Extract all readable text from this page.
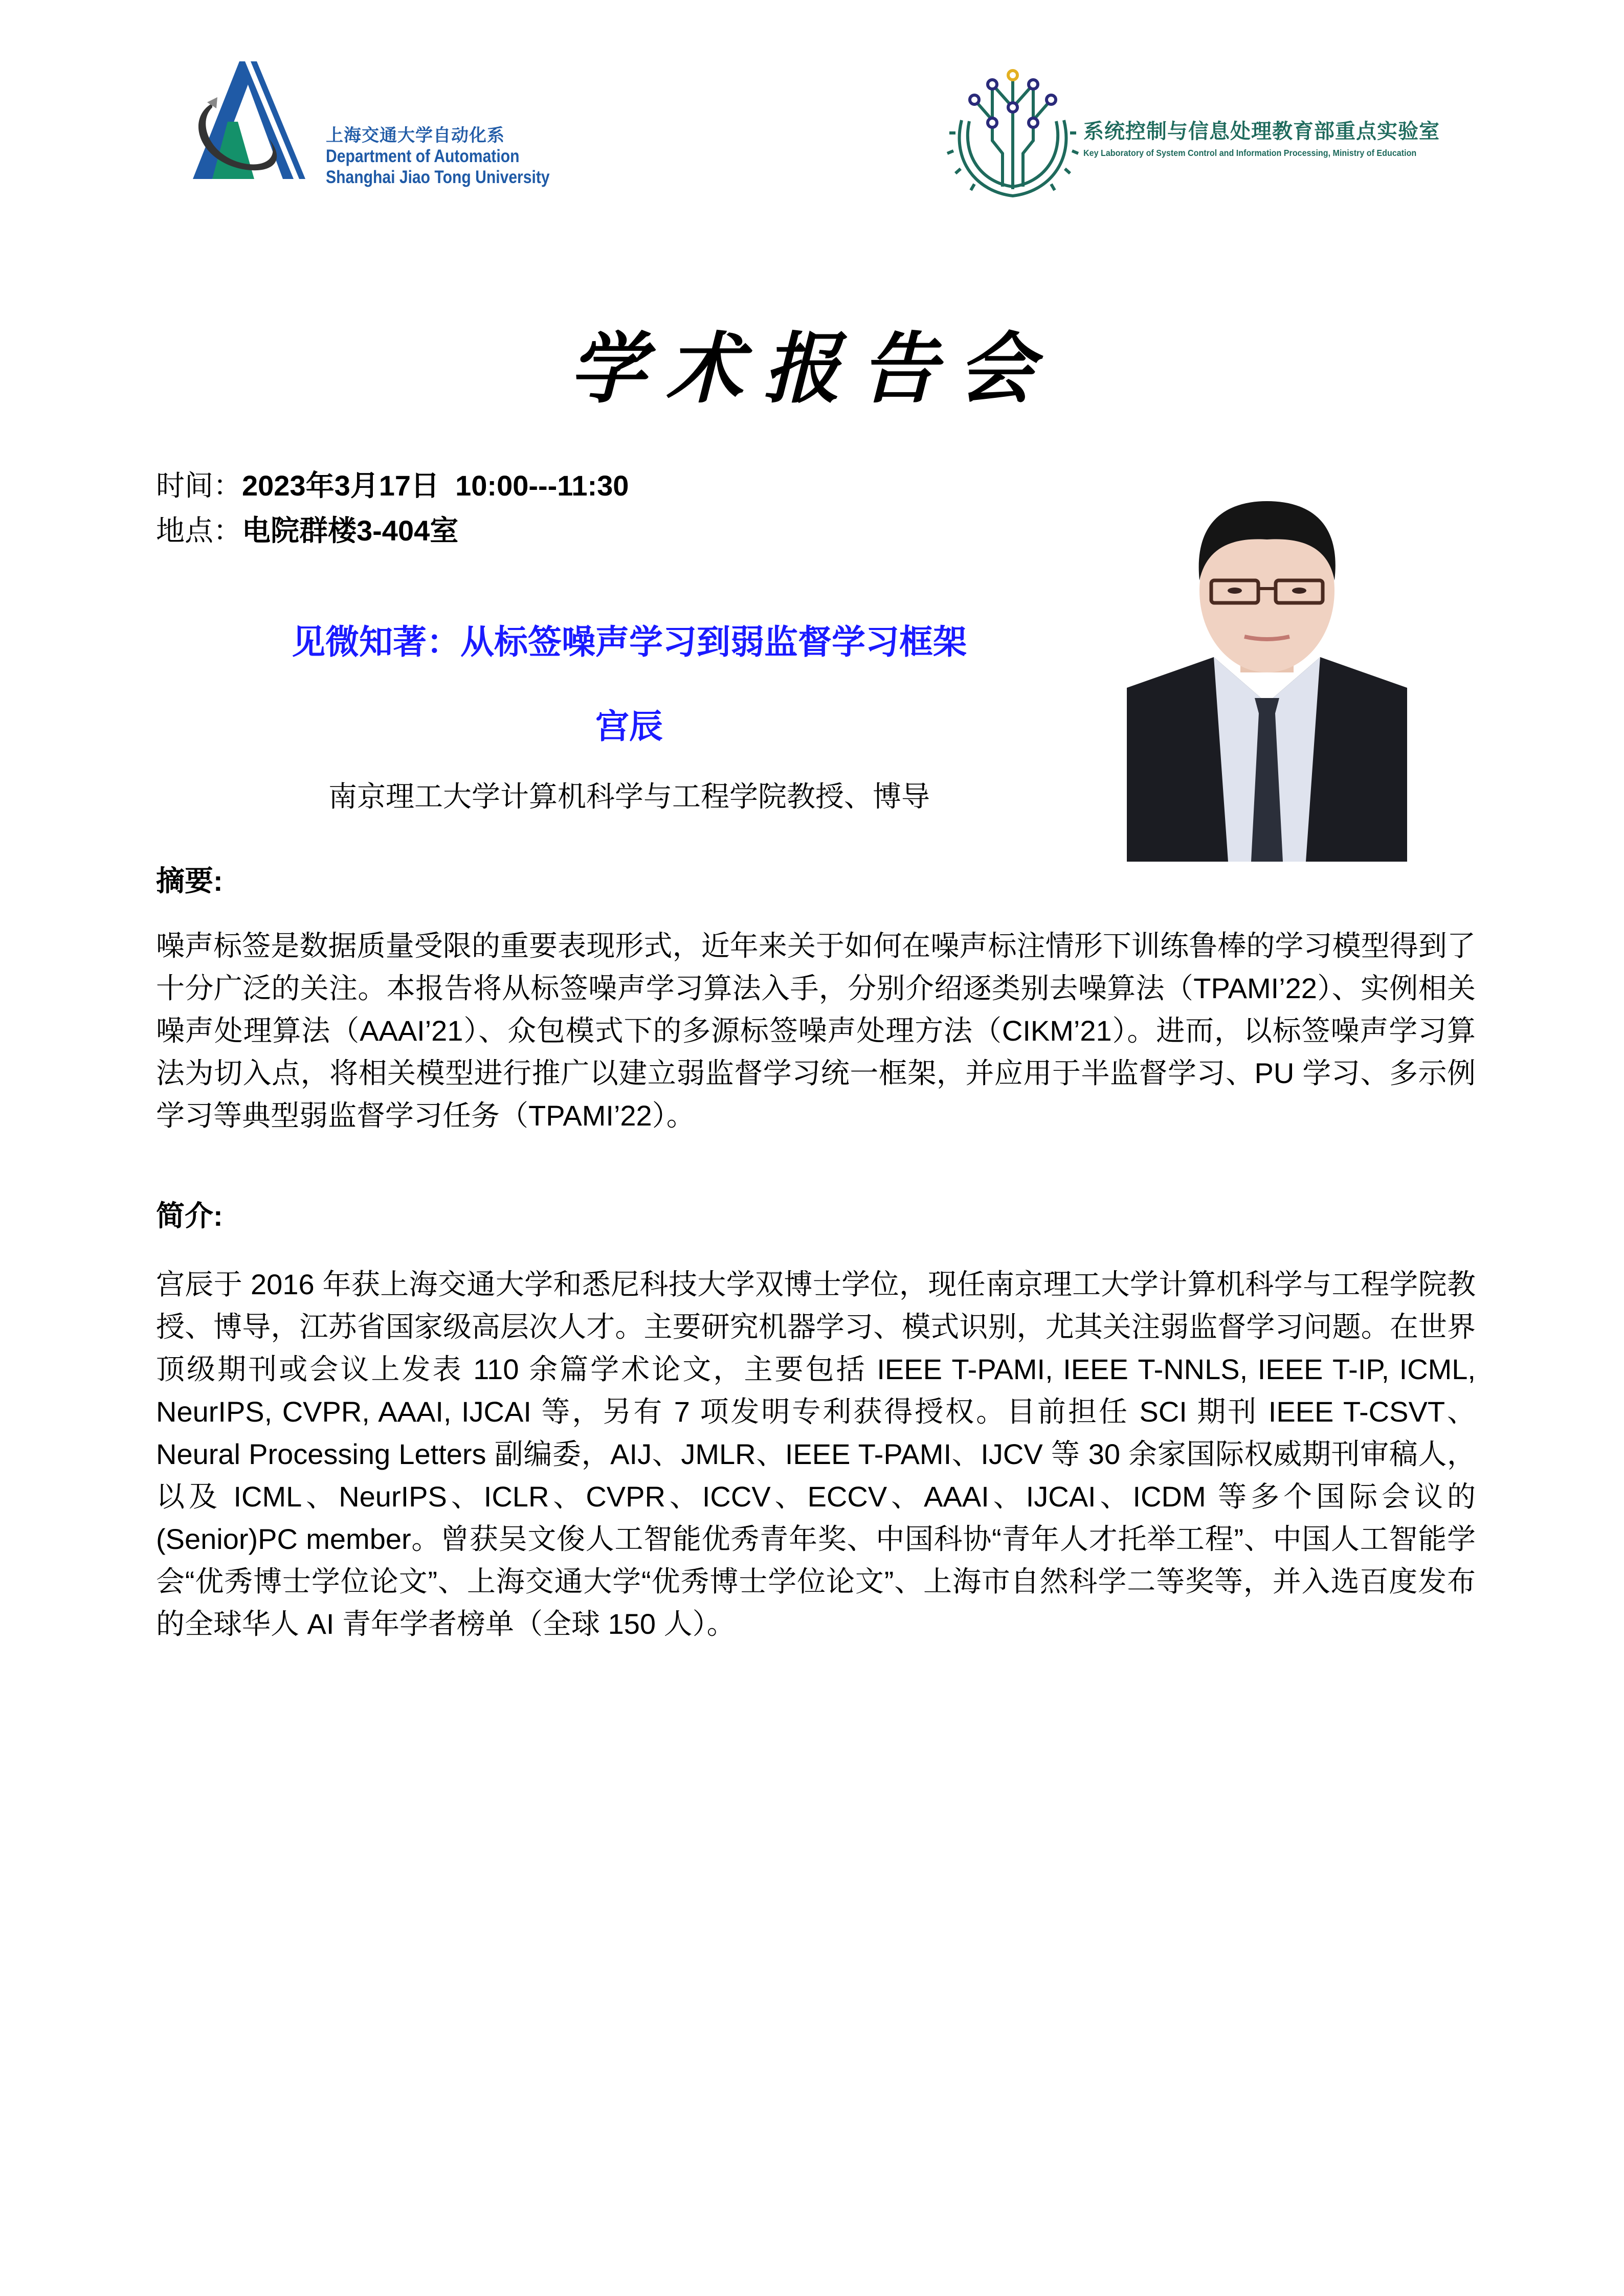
上海交通大学自动化系
Department of Automation
Shanghai Jiao Tong University
系统控制与信息处理教育部重点实验室
Key Laboratory of System Control and Information Processing, Ministry of Education
学术报告会
时间：2023年3月17日  10:00---11:30
地点：电院群楼3-404室
见微知著：从标签噪声学习到弱监督学习框架
宫辰
南京理工大学计算机科学与工程学院教授、博导
摘要:
噪声标签是数据质量受限的重要表现形式，近年来关于如何在噪声标注情形下训练鲁棒的学习模型得到了十分广泛的关注。本报告将从标签噪声学习算法入手，分别介绍逐类别去噪算法（TPAMI’22）、实例相关噪声处理算法（AAAI’21）、众包模式下的多源标签噪声处理方法（CIKM’21）。进而，以标签噪声学习算法为切入点，将相关模型进行推广以建立弱监督学习统一框架，并应用于半监督学习、PU 学习、多示例学习等典型弱监督学习任务（TPAMI’22）。
简介:
宫辰于 2016 年获上海交通大学和悉尼科技大学双博士学位，现任南京理工大学计算机科学与工程学院教授、博导，江苏省国家级高层次人才。主要研究机器学习、模式识别，尤其关注弱监督学习问题。在世界顶级期刊或会议上发表 110 余篇学术论文，主要包括 IEEE T-PAMI, IEEE T-NNLS, IEEE T-IP, ICML, NeurIPS, CVPR, AAAI, IJCAI 等，另有 7 项发明专利获得授权。目前担任 SCI 期刊 IEEE T-CSVT、Neural Processing Letters 副编委，AIJ、JMLR、IEEE T-PAMI、IJCV 等 30 余家国际权威期刊审稿人，以及 ICML、NeurIPS、ICLR、CVPR、ICCV、ECCV、AAAI、IJCAI、ICDM 等多个国际会议的(Senior)PC member。曾获吴文俊人工智能优秀青年奖、中国科协“青年人才托举工程”、中国人工智能学会“优秀博士学位论文”、上海交通大学“优秀博士学位论文”、上海市自然科学二等奖等，并入选百度发布的全球华人 AI 青年学者榜单（全球 150 人）。
